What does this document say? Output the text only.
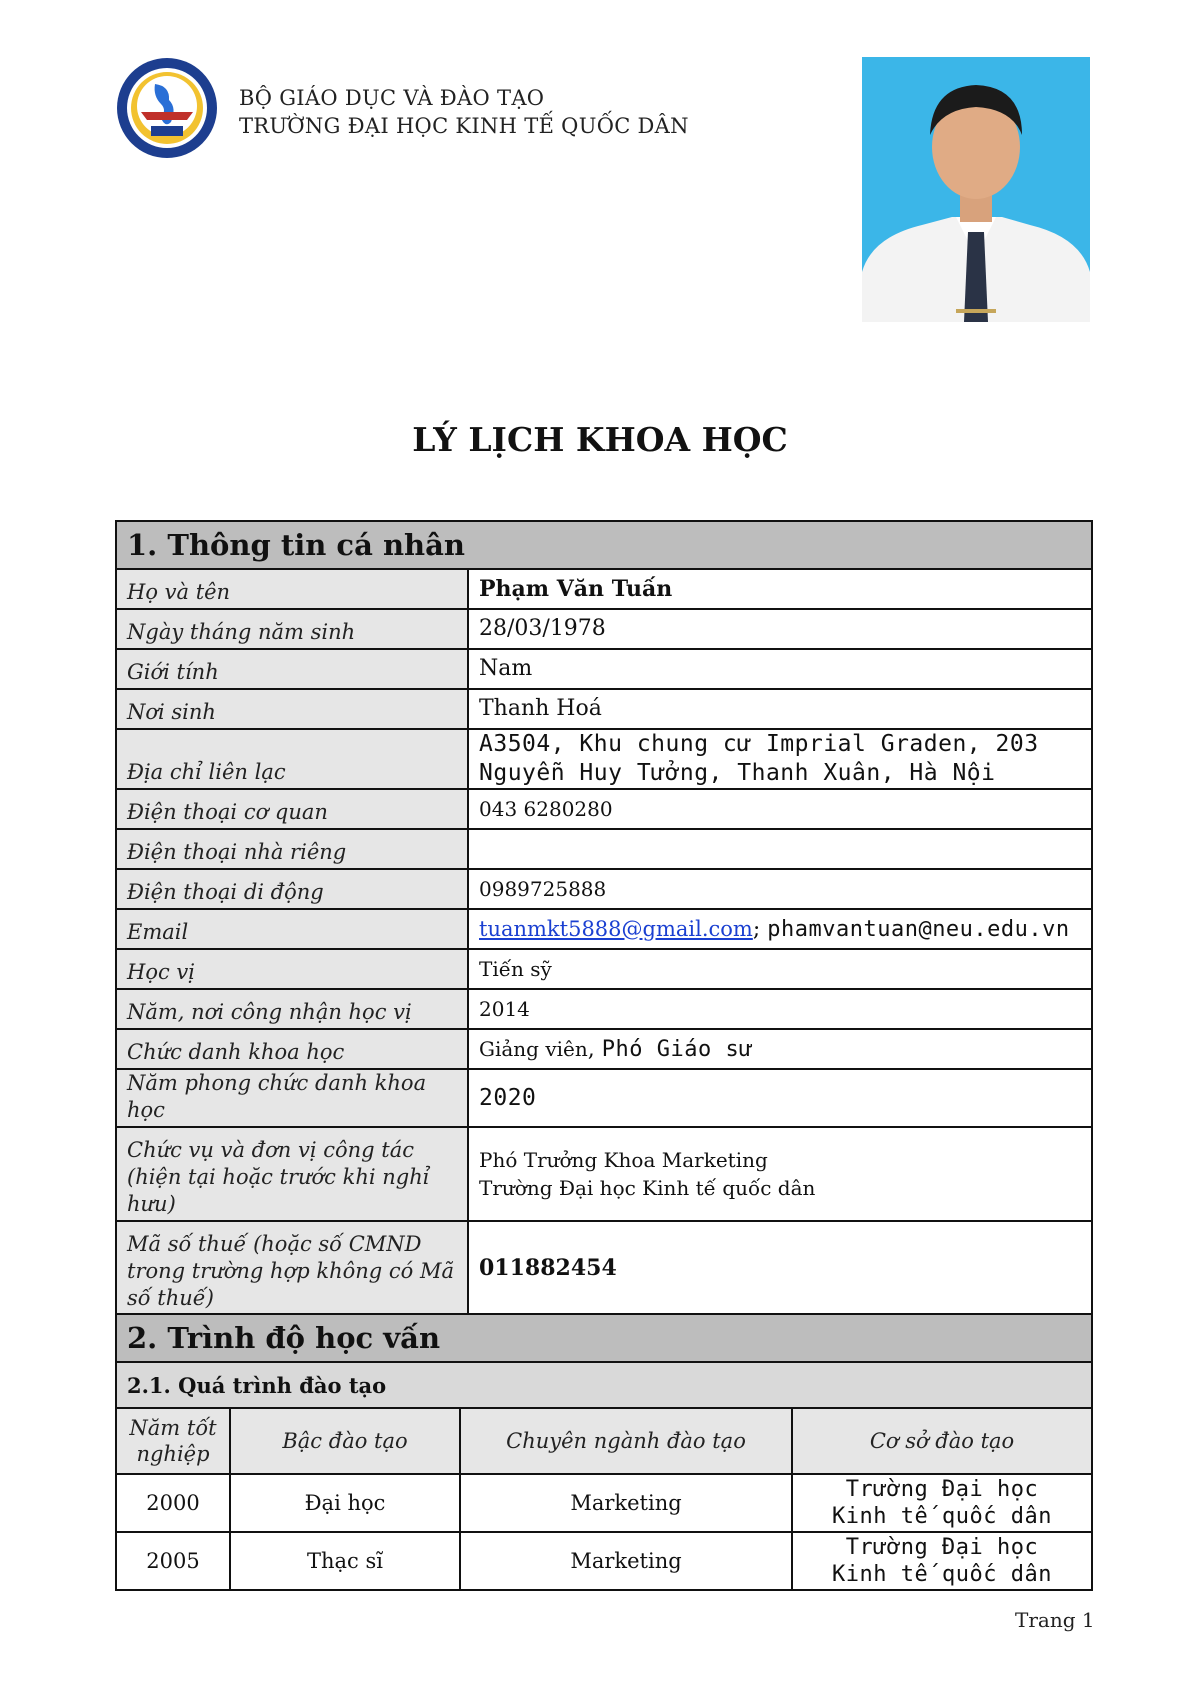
BỘ GIÁO DỤC VÀ ĐÀO TẠO
TRƯỜNG ĐẠI HỌC KINH TẾ QUỐC DÂN
LÝ LỊCH KHOA HỌC
1. Thông tin cá nhân	
Họ và tên	Phạm Văn Tuấn
Ngày tháng năm sinh	28/03/1978
Giới tính	Nam
Nơi sinh	Thanh Hoá
Địa chỉ liên lạc	A3504, Khu chung cư Imprial Graden, 203 Nguyễn Huy Tưởng, Thanh Xuân, Hà Nội
Điện thoại cơ quan	043 6280280
Điện thoại nhà riêng	
Điện thoại di động	0989725888
Email	tuanmkt5888@gmail.com; phamvantuan@neu.edu.vn
Học vị	Tiến sỹ
Năm, nơi công nhận học vị	2014
Chức danh khoa học	Giảng viên, Phó Giáo sư
Năm phong chức danh khoa học	2020
Chức vụ và đơn vị công tác (hiện tại hoặc trước khi nghỉ hưu)	Phó Trưởng Khoa Marketing
Trường Đại học Kinh tế quốc dân

Mã số thuế (hoặc số CMND trong trường hợp không có Mã số thuế)	011882454
2. Trình độ học vấn			
2.1. Quá trình đào tạo			
Năm tốt nghiệp	Bậc đào tạo	Chuyên ngành đào tạo	Cơ sở đào tạo
2000	Đại học	Marketing	Trường Đại học
Kinh tế quốc dân

2005	Thạc sĩ	Marketing	Trường Đại học
Kinh tế quốc dân
Trang 1
